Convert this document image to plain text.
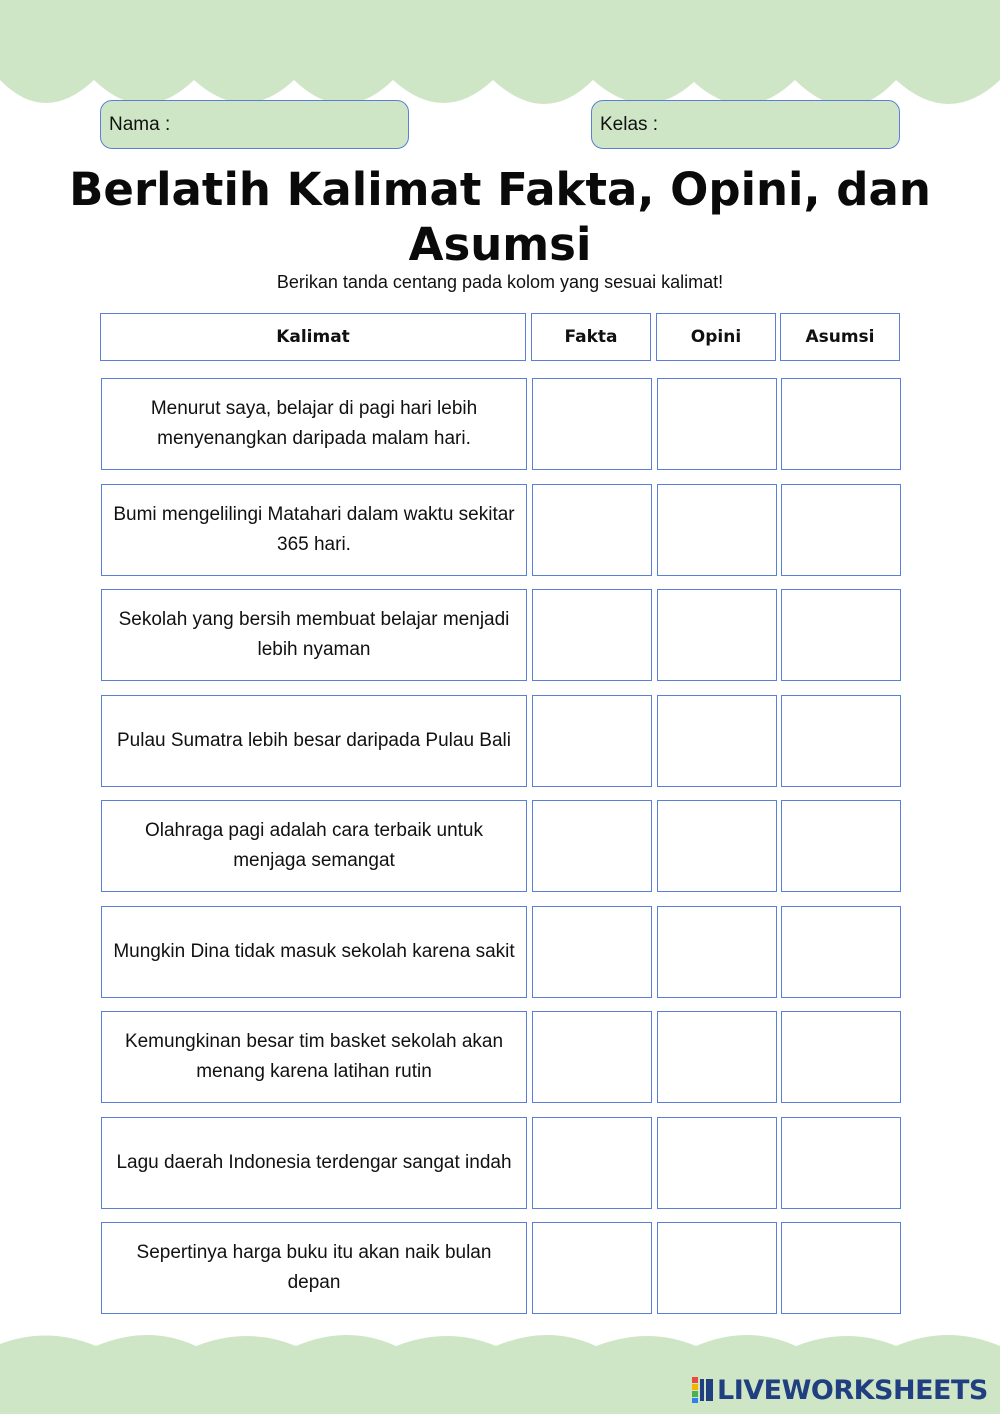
Nama :	Kelas :
Berlatih Kalimat Fakta, Opini, dan Asumsi

Berikan tanda centang pada kolom yang sesuai kalimat!

Kalimat	Fakta	Opini	Asumsi
Menurut saya, belajar di pagi hari lebih menyenangkan daripada malam hari.
Bumi mengelilingi Matahari dalam waktu sekitar 365 hari.
Sekolah yang bersih membuat belajar menjadi lebih nyaman
Pulau Sumatra lebih besar daripada Pulau Bali
Olahraga pagi adalah cara terbaik untuk menjaga semangat
Mungkin Dina tidak masuk sekolah karena sakit
Kemungkinan besar tim basket sekolah akan menang karena latihan rutin
Lagu daerah Indonesia terdengar sangat indah
Sepertinya harga buku itu akan naik bulan depan
LIVEWORKSHEETS
